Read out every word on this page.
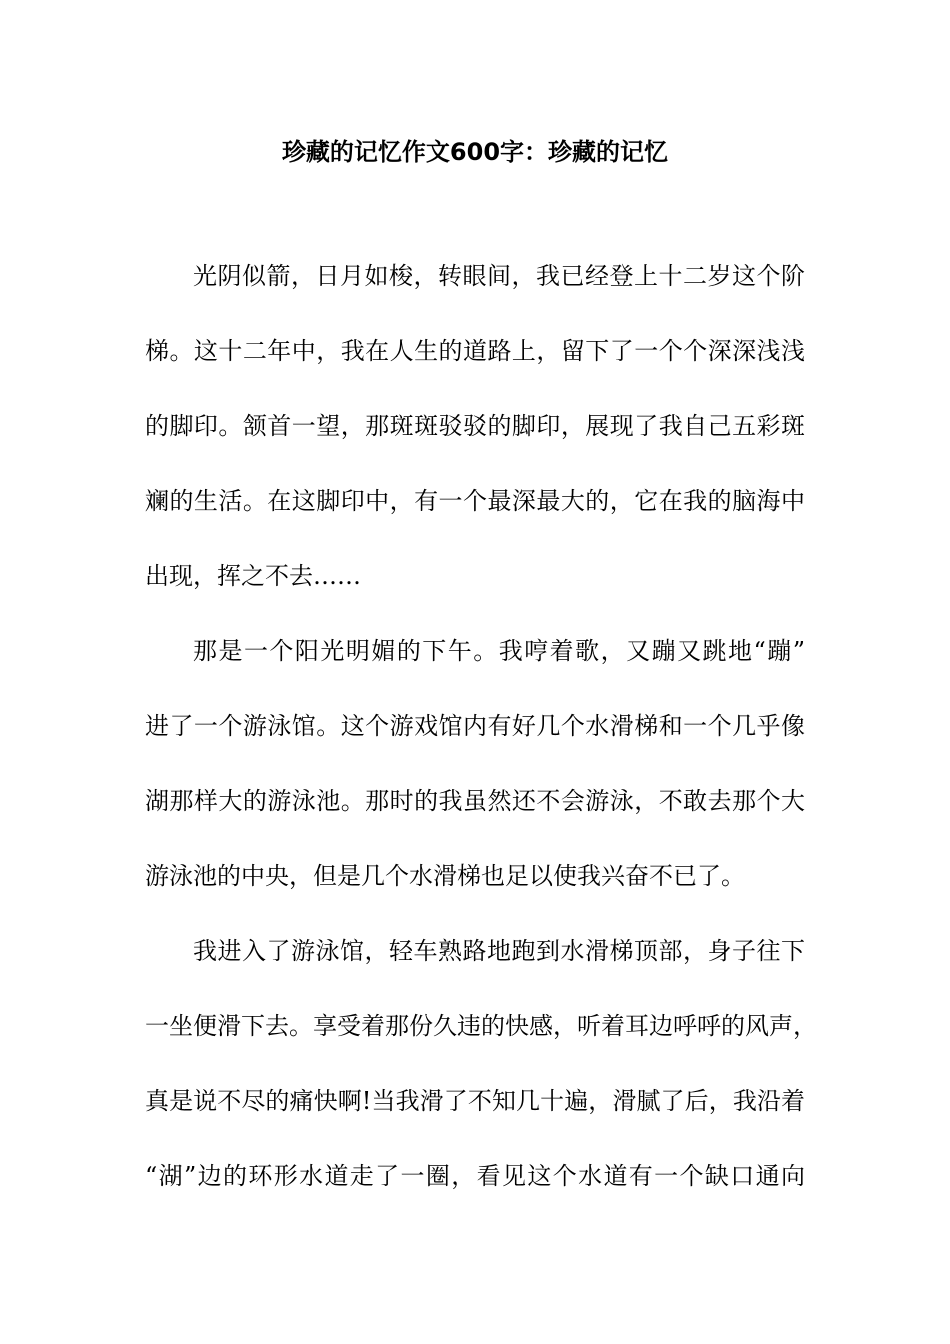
珍藏的记忆作文600字：珍藏的记忆
光阴似箭，日月如梭，转眼间，我已经登上十二岁这个阶
梯。这十二年中，我在人生的道路上，留下了一个个深深浅浅
的脚印。颔首一望，那斑斑驳驳的脚印，展现了我自己五彩斑
斓的生活。在这脚印中，有一个最深最大的，它在我的脑海中
出现，挥之不去……
那是一个阳光明媚的下午。我哼着歌，又蹦又跳地“蹦”
进了一个游泳馆。这个游戏馆内有好几个水滑梯和一个几乎像
湖那样大的游泳池。那时的我虽然还不会游泳，不敢去那个大
游泳池的中央，但是几个水滑梯也足以使我兴奋不已了。
我进入了游泳馆，轻车熟路地跑到水滑梯顶部，身子往下
一坐便滑下去。享受着那份久违的快感，听着耳边呼呼的风声，
真是说不尽的痛快啊!当我滑了不知几十遍，滑腻了后，我沿着
“湖”边的环形水道走了一圈，看见这个水道有一个缺口通向
